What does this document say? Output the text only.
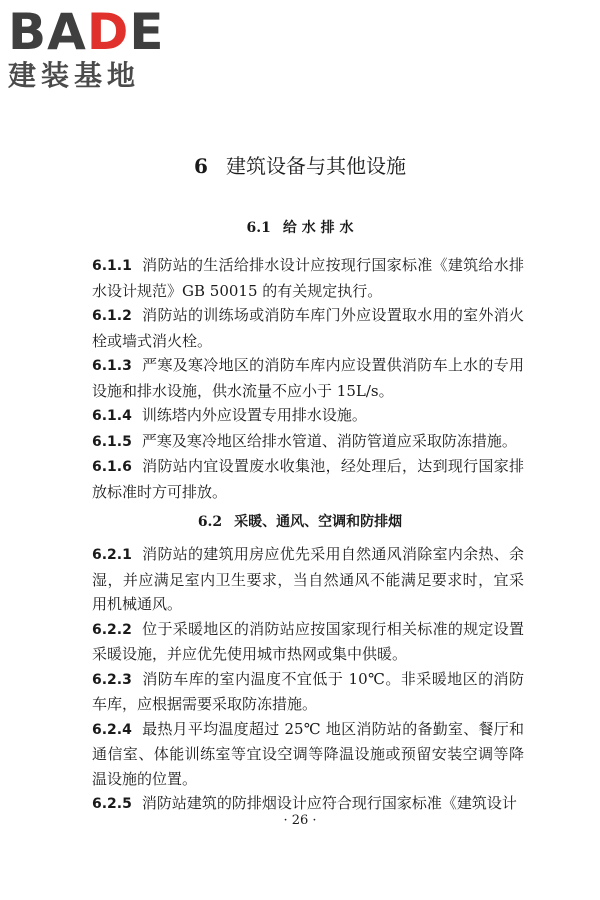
BADE
建装基地
6 建筑设备与其他设施
6.1 给 水 排 水

6.1.1 消防站的生活给排水设计应按现行国家标准《建筑给水排水设计规范》GB 50015 的有关规定执行。

6.1.2 消防站的训练场或消防车库门外应设置取水用的室外消火栓或墙式消火栓。

6.1.3 严寒及寒冷地区的消防车库内应设置供消防车上水的专用设施和排水设施，供水流量不应小于 15L/s。

6.1.4 训练塔内外应设置专用排水设施。

6.1.5 严寒及寒冷地区给排水管道、消防管道应采取防冻措施。

6.1.6 消防站内宜设置废水收集池，经处理后，达到现行国家排放标准时方可排放。

6.2 采暖、通风、空调和防排烟

6.2.1 消防站的建筑用房应优先采用自然通风消除室内余热、余湿，并应满足室内卫生要求，当自然通风不能满足要求时，宜采用机械通风。

6.2.2 位于采暖地区的消防站应按国家现行相关标准的规定设置采暖设施，并应优先使用城市热网或集中供暖。

6.2.3 消防车库的室内温度不宜低于 10℃。非采暖地区的消防车库，应根据需要采取防冻措施。

6.2.4 最热月平均温度超过 25℃ 地区消防站的备勤室、餐厅和通信室、体能训练室等宜设空调等降温设施或预留安装空调等降温设施的位置。

6.2.5 消防站建筑的防排烟设计应符合现行国家标准《建筑设计

· 26 ·
